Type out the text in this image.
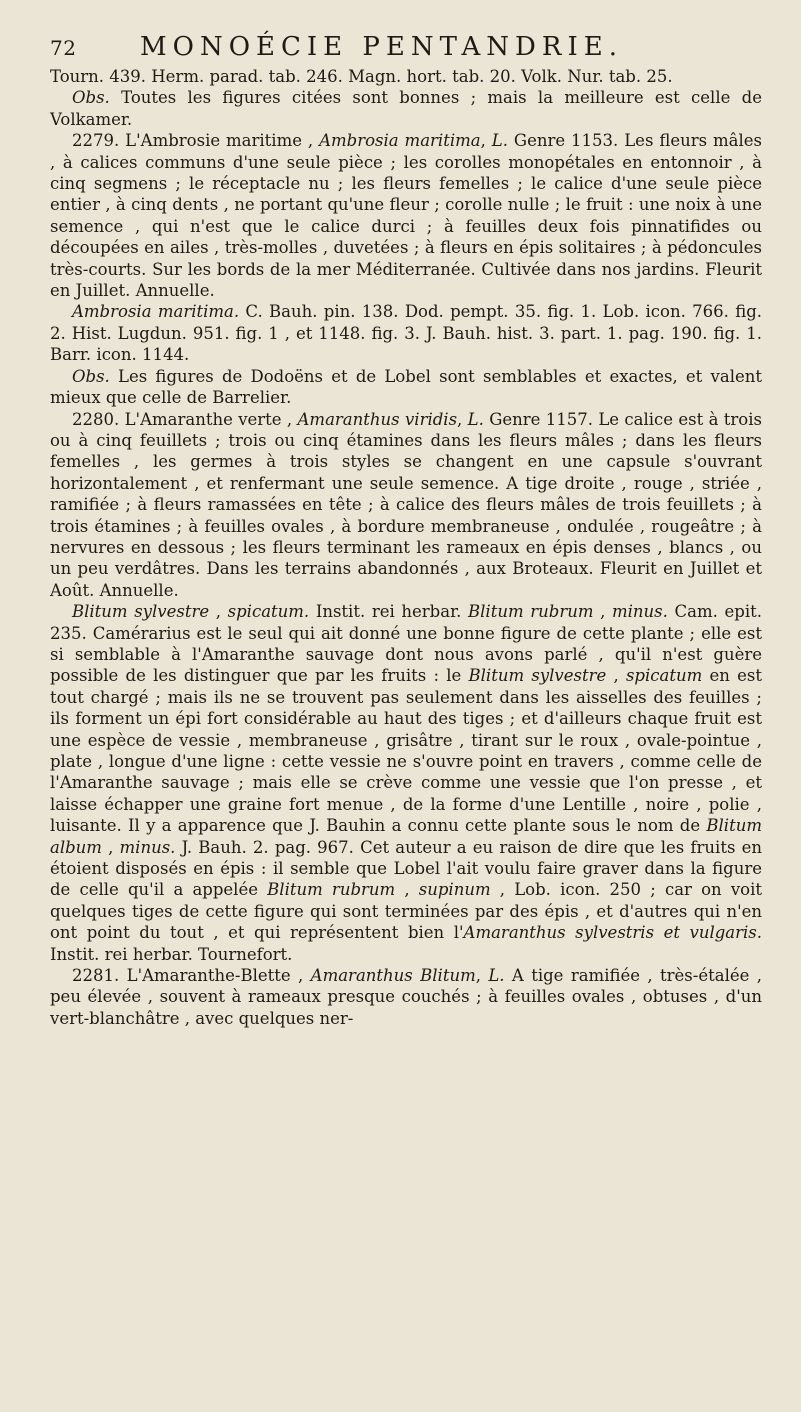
72 MONOÉCIE PENTANDRIE.

Tourn. 439. Herm. parad. tab. 246. Magn. hort. tab. 20. Volk. Nur. tab. 25.

Obs. Toutes les figures citées sont bonnes ; mais la meilleure est celle de Volkamer.

2279. L'Ambrosie maritime , Ambrosia maritima, L. Genre 1153. Les fleurs mâles , à calices communs d'une seule pièce ; les corolles monopétales en entonnoir , à cinq segmens ; le réceptacle nu ; les fleurs femelles ; le calice d'une seule pièce entier , à cinq dents , ne portant qu'une fleur ; corolle nulle ; le fruit : une noix à une semence , qui n'est que le calice durci ; à feuilles deux fois pinnatifides ou découpées en ailes , très-molles , duvetées ; à fleurs en épis solitaires ; à pédoncules très-courts. Sur les bords de la mer Méditerranée. Cultivée dans nos jardins. Fleurit en Juillet. Annuelle.

Ambrosia maritima. C. Bauh. pin. 138. Dod. pempt. 35. fig. 1. Lob. icon. 766. fig. 2. Hist. Lugdun. 951. fig. 1 , et 1148. fig. 3. J. Bauh. hist. 3. part. 1. pag. 190. fig. 1. Barr. icon. 1144.

Obs. Les figures de Dodoëns et de Lobel sont semblables et exactes, et valent mieux que celle de Barrelier.

2280. L'Amaranthe verte , Amaranthus viridis, L. Genre 1157. Le calice est à trois ou à cinq feuillets ; trois ou cinq étamines dans les fleurs mâles ; dans les fleurs femelles , les germes à trois styles se changent en une capsule s'ouvrant horizontalement , et renfermant une seule semence. A tige droite , rouge , striée , ramifiée ; à fleurs ramassées en tête ; à calice des fleurs mâles de trois feuillets ; à trois étamines ; à feuilles ovales , à bordure membraneuse , ondulée , rougeâtre ; à nervures en dessous ; les fleurs terminant les rameaux en épis denses , blancs , ou un peu verdâtres. Dans les terrains abandonnés , aux Broteaux. Fleurit en Juillet et Août. Annuelle.

Blitum sylvestre , spicatum. Instit. rei herbar. Blitum rubrum , minus. Cam. epit. 235. Camérarius est le seul qui ait donné une bonne figure de cette plante ; elle est si semblable à l'Amaranthe sauvage dont nous avons parlé , qu'il n'est guère possible de les distinguer que par les fruits : le Blitum sylvestre , spicatum en est tout chargé ; mais ils ne se trouvent pas seulement dans les aisselles des feuilles ; ils forment un épi fort considérable au haut des tiges ; et d'ailleurs chaque fruit est une espèce de vessie , membraneuse , grisâtre , tirant sur le roux , ovale-pointue , plate , longue d'une ligne : cette vessie ne s'ouvre point en travers , comme celle de l'Amaranthe sauvage ; mais elle se crève comme une vessie que l'on presse , et laisse échapper une graine fort menue , de la forme d'une Lentille , noire , polie , luisante. Il y a apparence que J. Bauhin a connu cette plante sous le nom de Blitum album , minus. J. Bauh. 2. pag. 967. Cet auteur a eu raison de dire que les fruits en étoient disposés en épis : il semble que Lobel l'ait voulu faire graver dans la figure de celle qu'il a appelée Blitum rubrum , supinum , Lob. icon. 250 ; car on voit quelques tiges de cette figure qui sont terminées par des épis , et d'autres qui n'en ont point du tout , et qui représentent bien l'Amaranthus sylvestris et vulgaris. Instit. rei herbar. Tournefort.

2281. L'Amaranthe-Blette , Amaranthus Blitum, L. A tige ramifiée , très-étalée , peu élevée , souvent à rameaux presque couchés ; à feuilles ovales , obtuses , d'un vert-blanchâtre , avec quelques ner-
